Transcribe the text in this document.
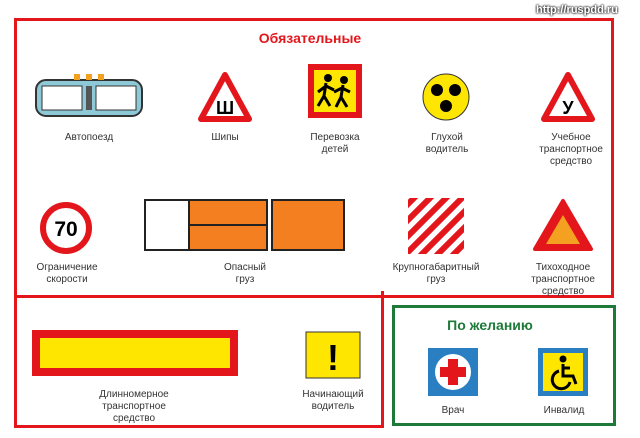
http://ruspdd.ru
Обязательные
По желанию
Автопоезд
Ш
Шипы	Перевозка
детей
Глухой
водитель
У
Учебное
транспортное
средство
70
Ограничение
скорости
Опасный
груз
Крупногабаритный
груз
Тихоходное
транспортное
средство
Длинномерное
транспортное
средство
!
Начинающий
водитель	Врач	Инвалид
